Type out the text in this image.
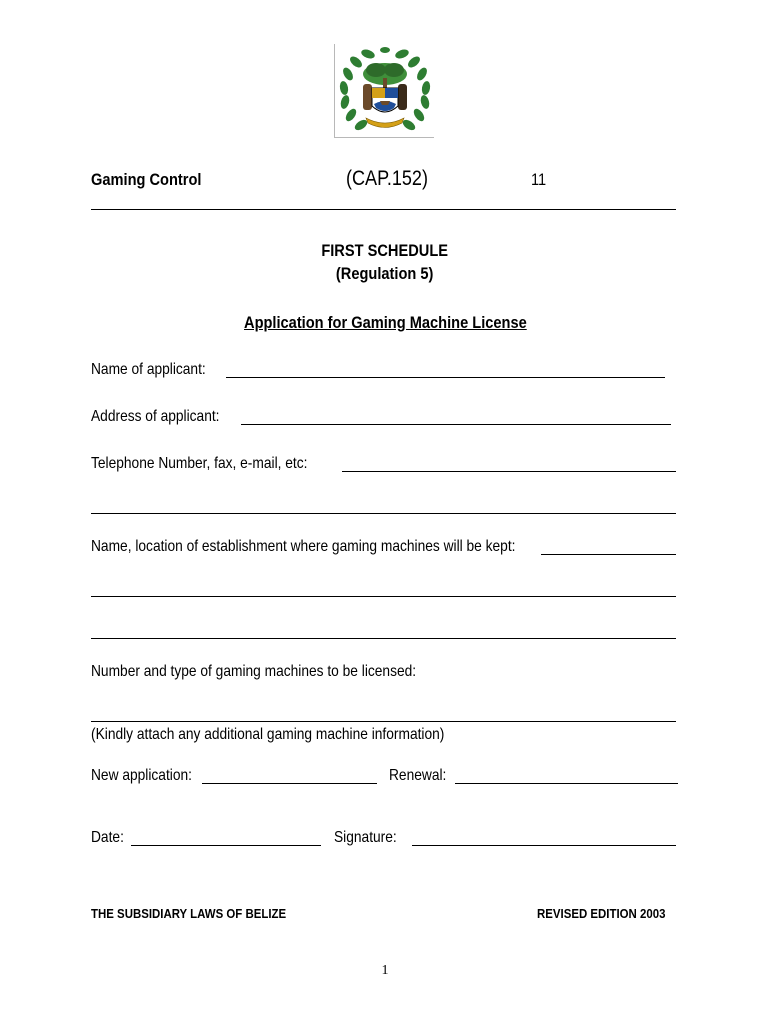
Gaming Control	(CAP.152)	11
FIRST SCHEDULE
(Regulation 5)
Application for Gaming Machine License
Name of applicant:
Address of applicant:
Telephone Number, fax, e-mail, etc:
Name, location of establishment where gaming machines will be kept:
Number and type of gaming machines to be licensed:
(Kindly attach any additional gaming machine information)
New application:	Renewal:
Date:	Signature:
THE SUBSIDIARY LAWS OF BELIZE	REVISED EDITION 2003
1
